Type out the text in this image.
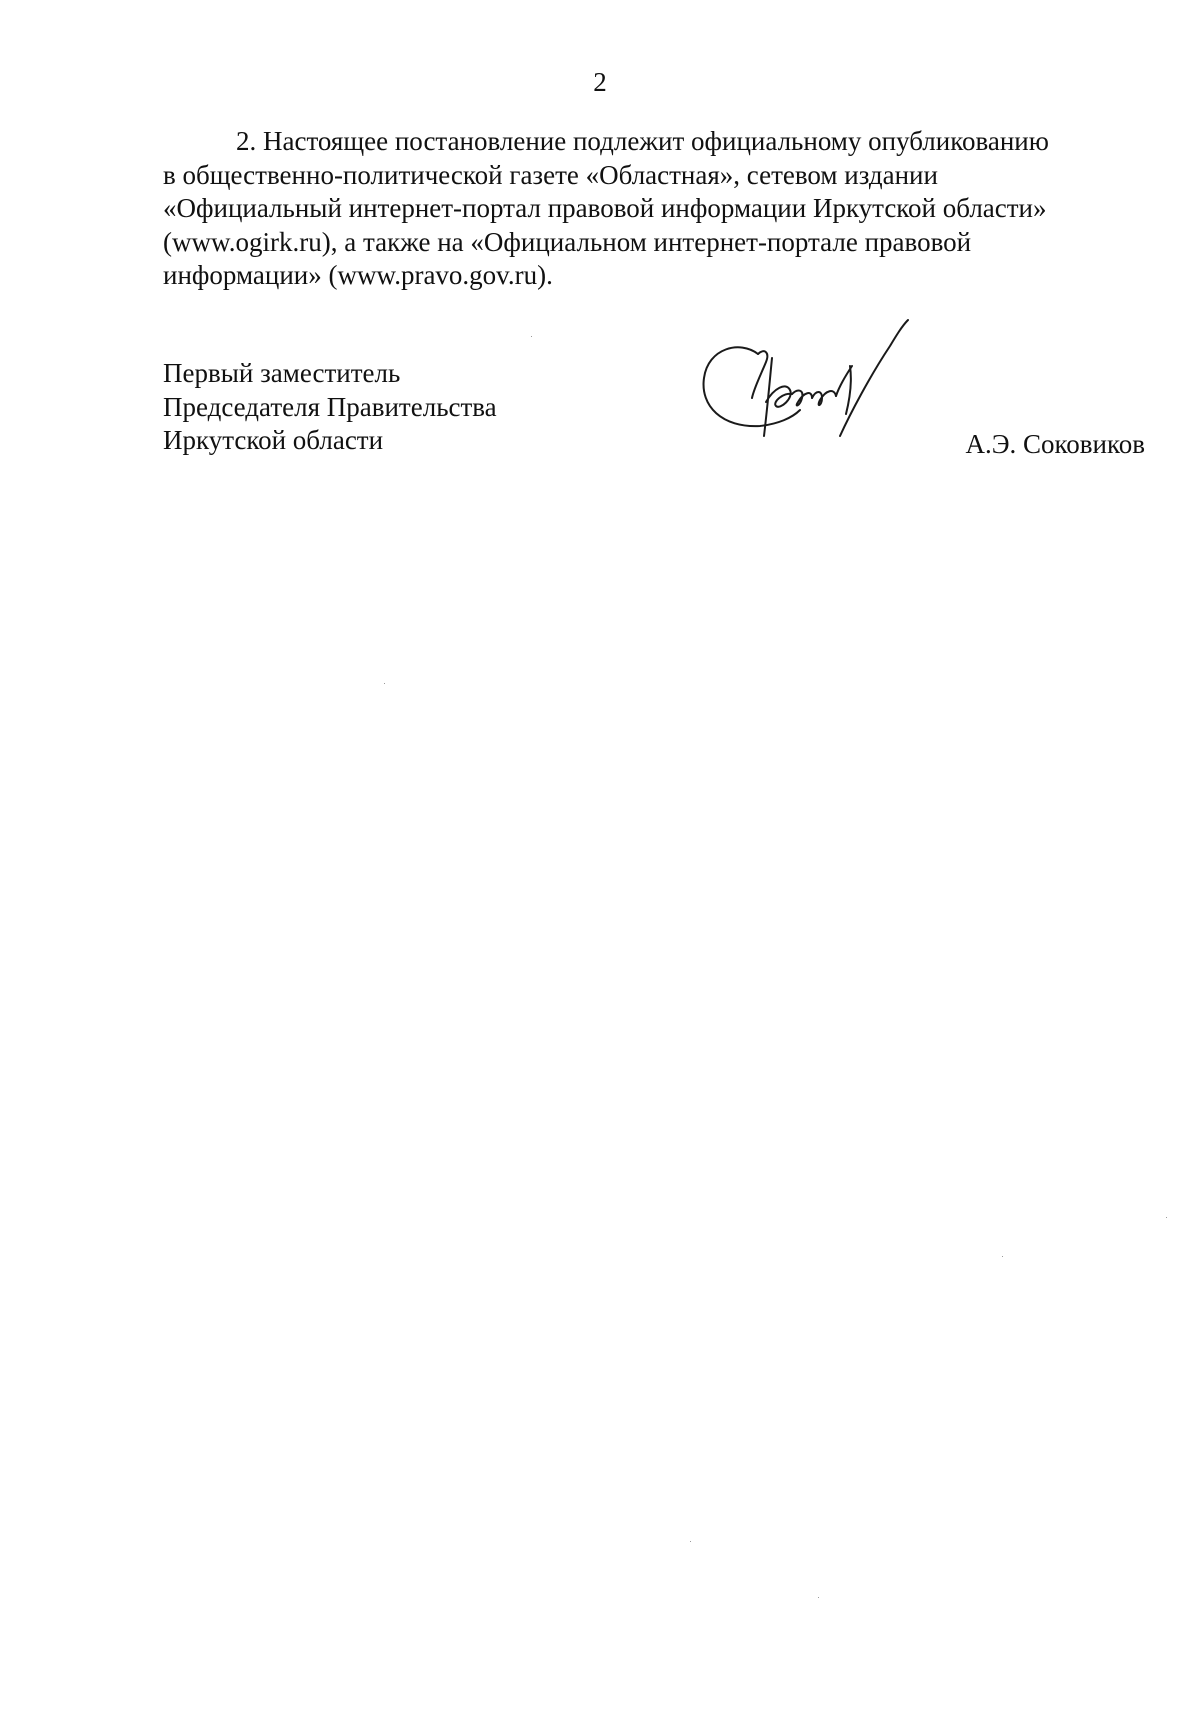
2
2. Настоящее постановление подлежит официальному опубликованию
в общественно-политической газете «Областная», сетевом издании
«Официальный интернет-портал правовой информации Иркутской области»
(www.ogirk.ru), а также на «Официальном интернет-портале правовой
информации» (www.pravo.gov.ru).
Первый заместитель
Председателя Правительства
Иркутской области	А.Э. Соковиков
